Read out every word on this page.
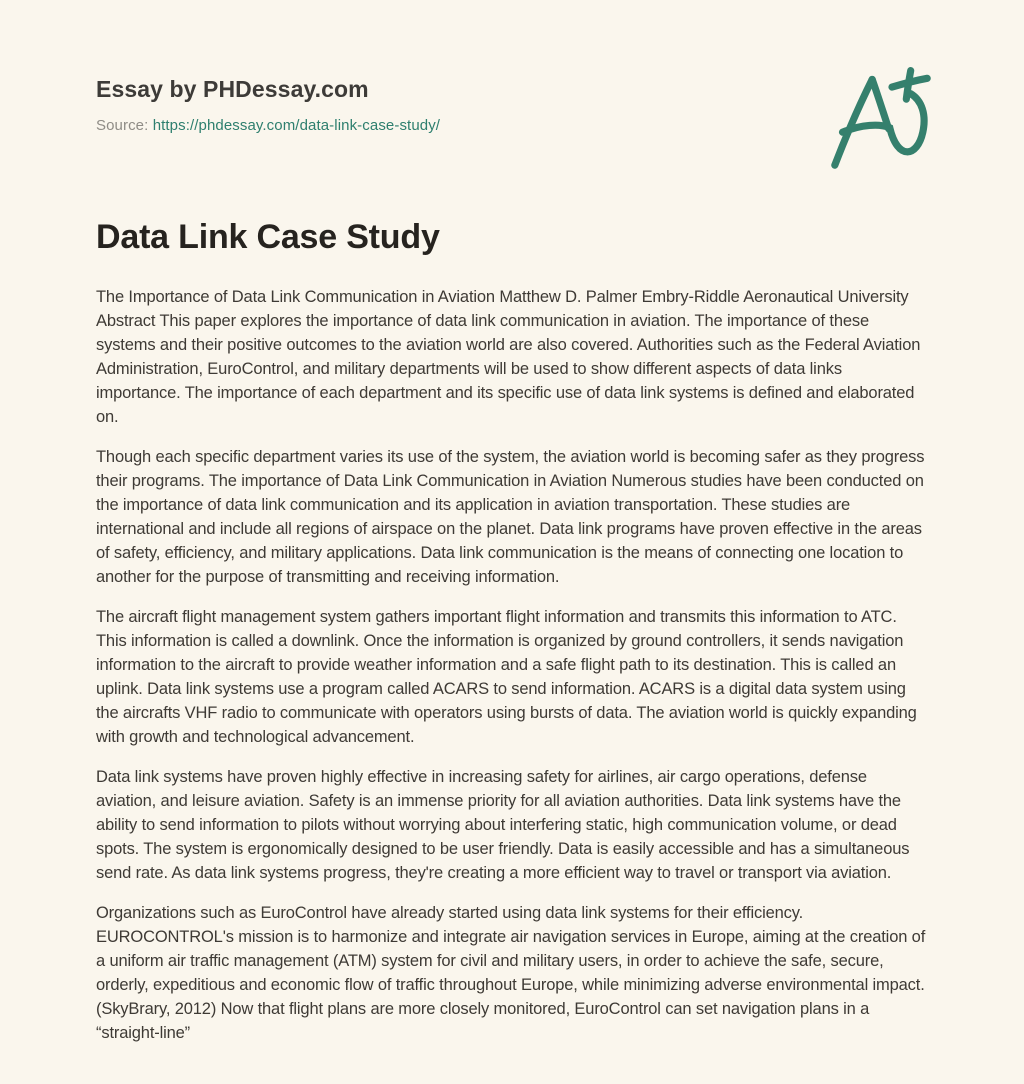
Essay by PHDessay.com
Source: https://phdessay.com/data-link-case-study/
Data Link Case Study

The Importance of Data Link Communication in Aviation Matthew D. Palmer Embry-Riddle Aeronautical University Abstract This paper explores the importance of data link communication in aviation. The importance of these systems and their positive outcomes to the aviation world are also covered. Authorities such as the Federal Aviation Administration, EuroControl, and military departments will be used to show different aspects of data links importance. The importance of each department and its specific use of data link systems is defined and elaborated on.

Though each specific department varies its use of the system, the aviation world is becoming safer as they progress their programs. The importance of Data Link Communication in Aviation Numerous studies have been conducted on the importance of data link communication and its application in aviation transportation. These studies are international and include all regions of airspace on the planet. Data link programs have proven effective in the areas of safety, efficiency, and military applications. Data link communication is the means of connecting one location to another for the purpose of transmitting and receiving information.

The aircraft flight management system gathers important flight information and transmits this information to ATC. This information is called a downlink. Once the information is organized by ground controllers, it sends navigation information to the aircraft to provide weather information and a safe flight path to its destination. This is called an uplink. Data link systems use a program called ACARS to send information. ACARS is a digital data system using the aircrafts VHF radio to communicate with operators using bursts of data. The aviation world is quickly expanding with growth and technological advancement.

Data link systems have proven highly effective in increasing safety for airlines, air cargo operations, defense aviation, and leisure aviation. Safety is an immense priority for all aviation authorities. Data link systems have the ability to send information to pilots without worrying about interfering static, high communication volume, or dead spots. The system is ergonomically designed to be user friendly. Data is easily accessible and has a simultaneous send rate. As data link systems progress, they're creating a more efficient way to travel or transport via aviation.

Organizations such as EuroControl have already started using data link systems for their efficiency. EUROCONTROL's mission is to harmonize and integrate air navigation services in Europe, aiming at the creation of a uniform air traffic management (ATM) system for civil and military users, in order to achieve the safe, secure, orderly, expeditious and economic flow of traffic throughout Europe, while minimizing adverse environmental impact. (SkyBrary, 2012) Now that flight plans are more closely monitored, EuroControl can set navigation plans in a “straight-line”
